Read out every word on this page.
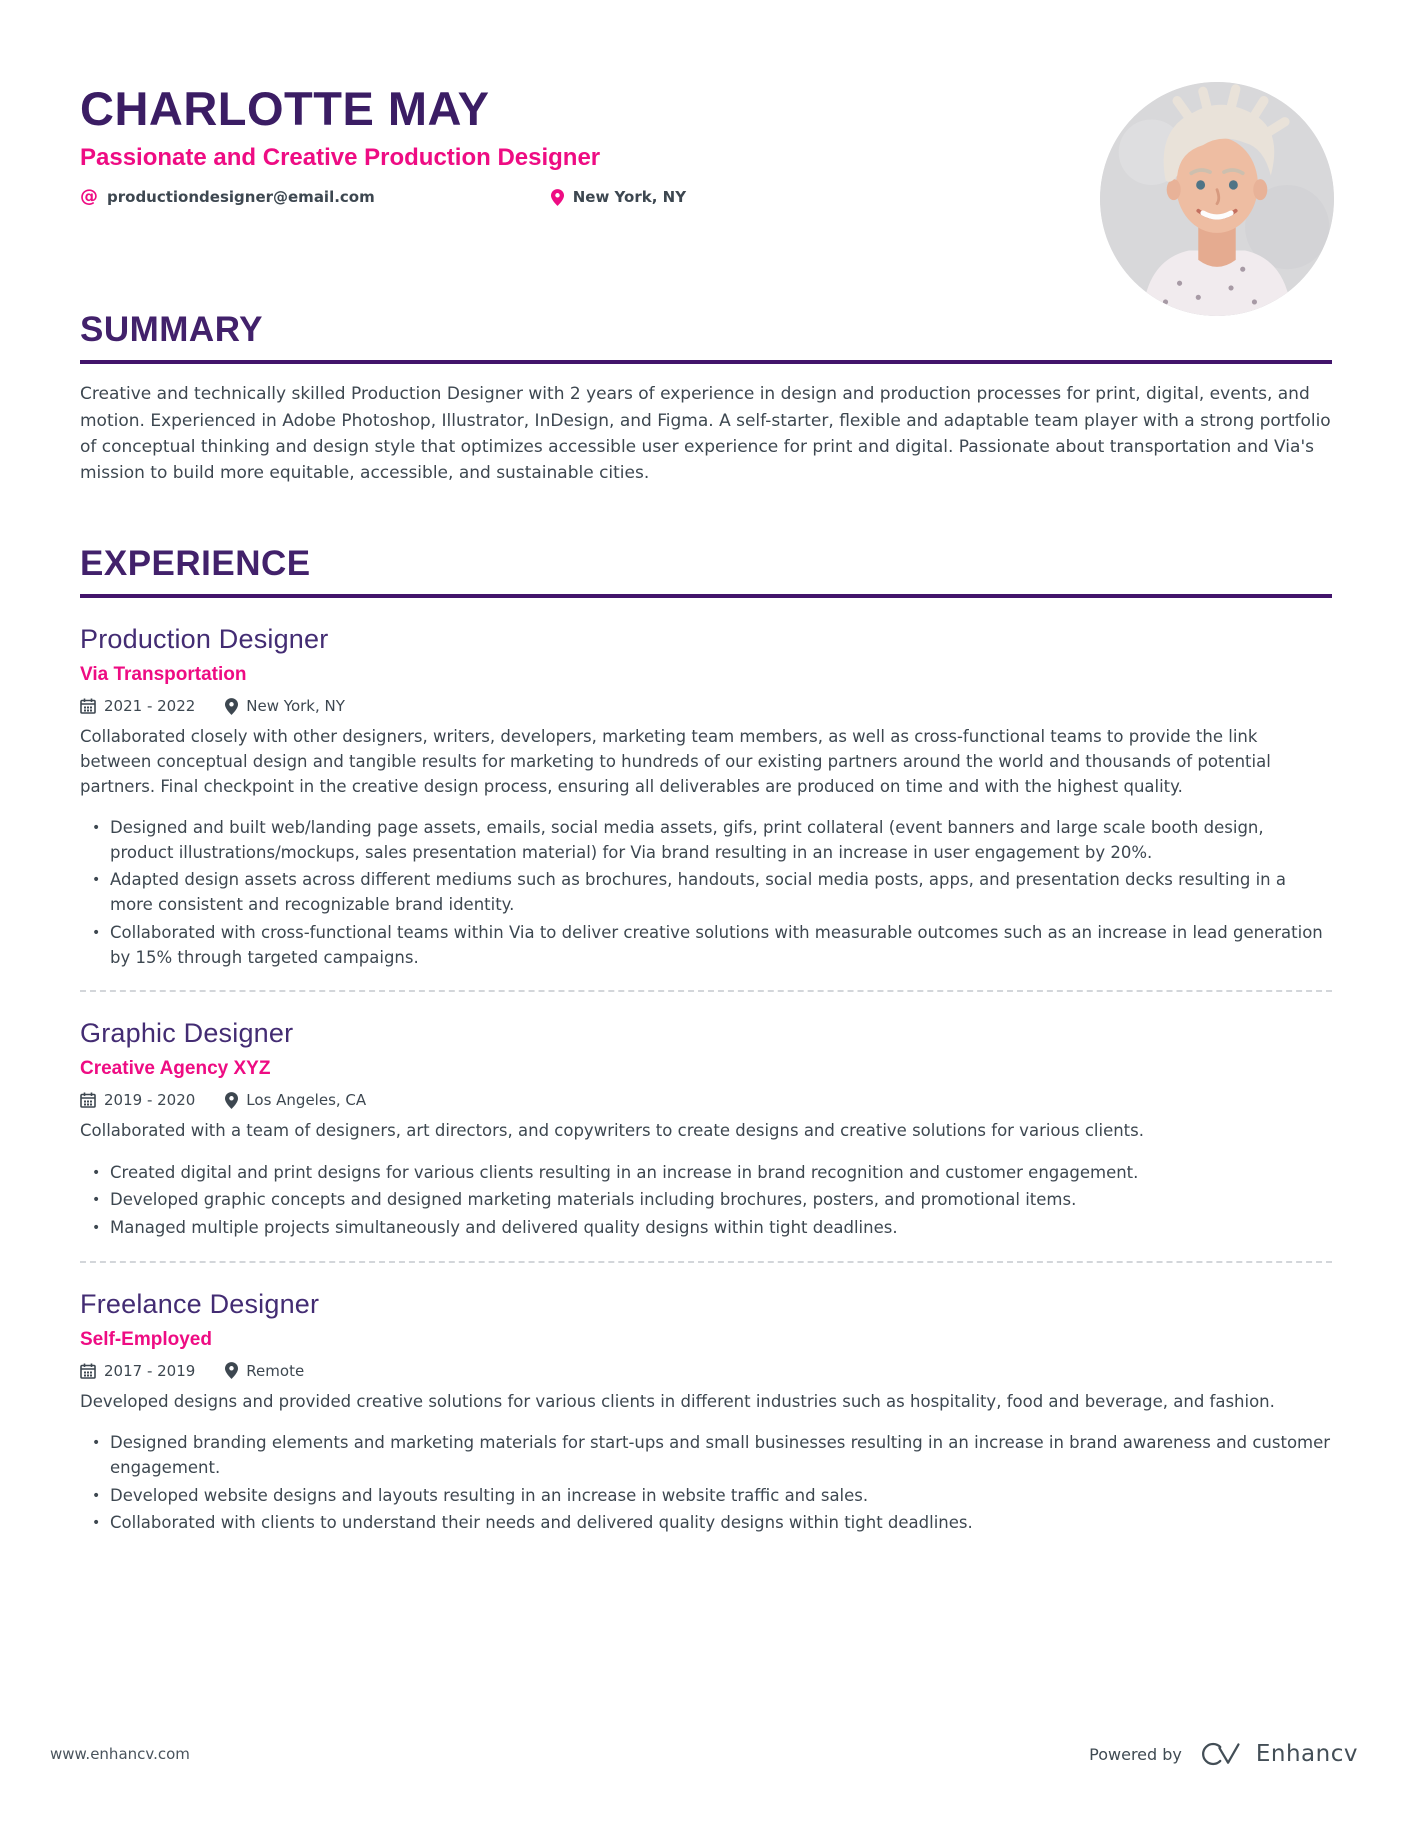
CHARLOTTE MAY
Passionate and Creative Production Designer
@ productiondesigner@email.com	New York, NY
SUMMARY

Creative and technically skilled Production Designer with 2 years of experience in design and production processes for print, digital, events, and motion. Experienced in Adobe Photoshop, Illustrator, InDesign, and Figma. A self-starter, flexible and adaptable team player with a strong portfolio of conceptual thinking and design style that optimizes accessible user experience for print and digital. Passionate about transportation and Via's mission to build more equitable, accessible, and sustainable cities.

EXPERIENCE
Production Designer
Via Transportation
2021 - 2022	New York, NY

Collaborated closely with other designers, writers, developers, marketing team members, as well as cross-functional teams to provide the link between conceptual design and tangible results for marketing to hundreds of our existing partners around the world and thousands of potential partners. Final checkpoint in the creative design process, ensuring all deliverables are produced on time and with the highest quality.

• Designed and built web/landing page assets, emails, social media assets, gifs, print collateral (event banners and large scale booth design, product illustrations/mockups, sales presentation material) for Via brand resulting in an increase in user engagement by 20%.
• Adapted design assets across different mediums such as brochures, handouts, social media posts, apps, and presentation decks resulting in a more consistent and recognizable brand identity.
• Collaborated with cross-functional teams within Via to deliver creative solutions with measurable outcomes such as an increase in lead generation by 15% through targeted campaigns.
Graphic Designer
Creative Agency XYZ
2019 - 2020	Los Angeles, CA

Collaborated with a team of designers, art directors, and copywriters to create designs and creative solutions for various clients.

• Created digital and print designs for various clients resulting in an increase in brand recognition and customer engagement.
• Developed graphic concepts and designed marketing materials including brochures, posters, and promotional items.
• Managed multiple projects simultaneously and delivered quality designs within tight deadlines.
Freelance Designer
Self-Employed
2017 - 2019	Remote

Developed designs and provided creative solutions for various clients in different industries such as hospitality, food and beverage, and fashion.

• Designed branding elements and marketing materials for start-ups and small businesses resulting in an increase in brand awareness and customer engagement.
• Developed website designs and layouts resulting in an increase in website traffic and sales.
• Collaborated with clients to understand their needs and delivered quality designs within tight deadlines.
www.enhancv.com	Powered by	Enhancv
